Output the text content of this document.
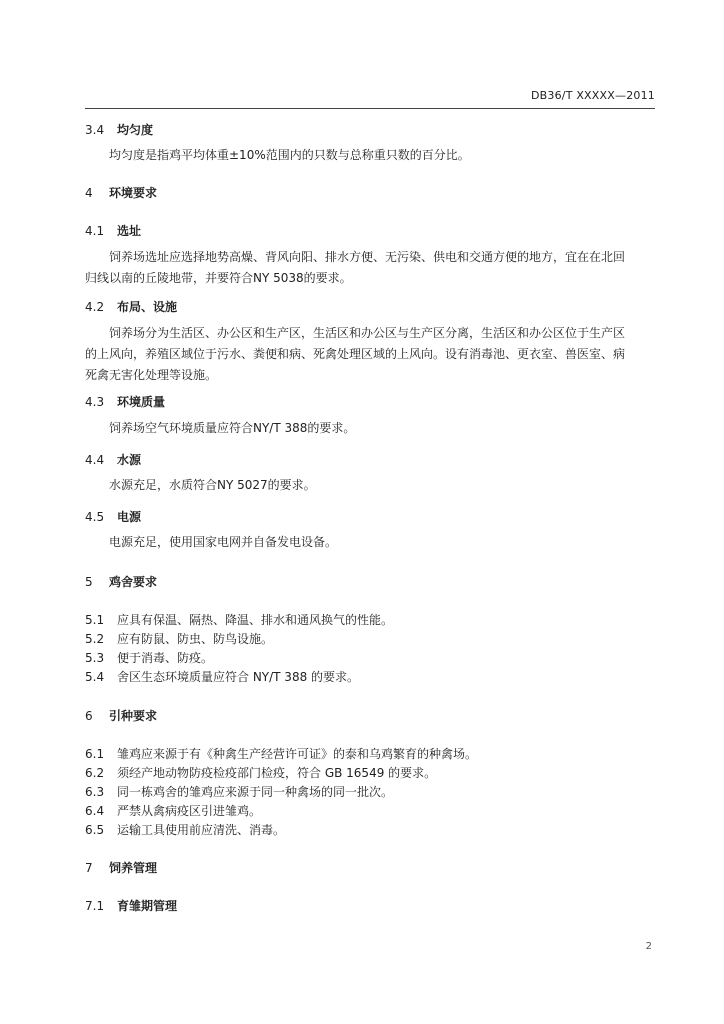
DB36/T XXXXX—2011
3.4 均匀度
均匀度是指鸡平均体重±10%范围内的只数与总称重只数的百分比。
4 环境要求
4.1 选址
饲养场选址应选择地势高燥、背风向阳、排水方便、无污染、供电和交通方便的地方，宜在在北回
归线以南的丘陵地带，并要符合NY 5038的要求。
4.2 布局、设施
饲养场分为生活区、办公区和生产区，生活区和办公区与生产区分离，生活区和办公区位于生产区
的上风向，养殖区域位于污水、粪便和病、死禽处理区域的上风向。设有消毒池、更衣室、兽医室、病
死禽无害化处理等设施。
4.3 环境质量
饲养场空气环境质量应符合NY/T 388的要求。
4.4 水源
水源充足，水质符合NY 5027的要求。
4.5 电源
电源充足，使用国家电网并自备发电设备。
5 鸡舍要求
5.1 应具有保温、隔热、降温、排水和通风换气的性能。
5.2 应有防鼠、防虫、防鸟设施。
5.3 便于消毒、防疫。
5.4 舍区生态环境质量应符合 NY/T 388 的要求。
6 引种要求
6.1 雏鸡应来源于有《种禽生产经营许可证》的泰和乌鸡繁育的种禽场。
6.2 须经产地动物防疫检疫部门检疫，符合 GB 16549 的要求。
6.3 同一栋鸡舍的雏鸡应来源于同一种禽场的同一批次。
6.4 严禁从禽病疫区引进雏鸡。
6.5 运输工具使用前应清洗、消毒。
7 饲养管理
7.1 育雏期管理
2
